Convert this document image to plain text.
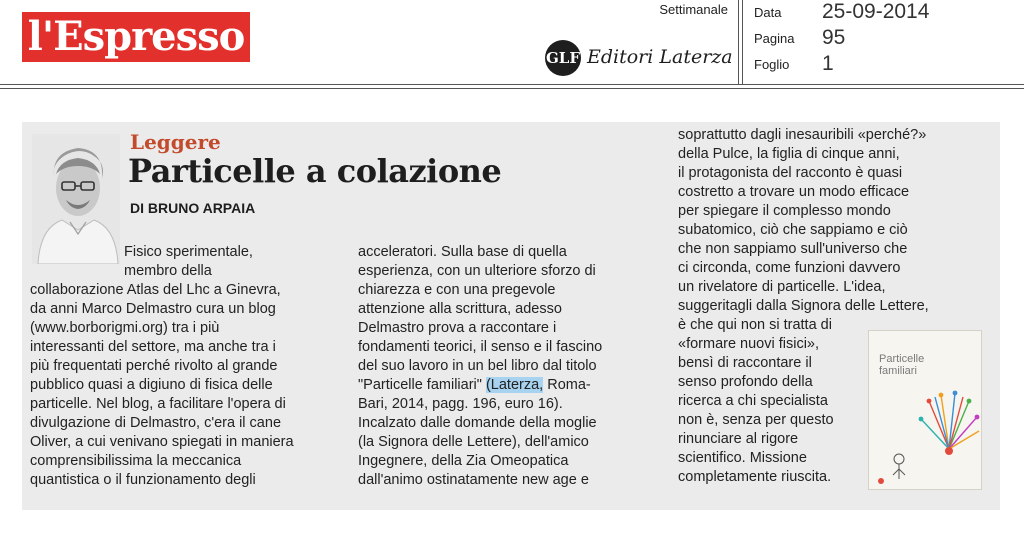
l'Espresso
Settimanale
GLF Editori Laterza
Data 25-09-2014
Pagina 95
Foglio 1
Leggere
Particelle a colazione
DI BRUNO ARPAIA
Fisico sperimentale,
membro della
collaborazione Atlas del Lhc a Ginevra,
da anni Marco Delmastro cura un blog
(www.borborigmi.org) tra i più
interessanti del settore, ma anche tra i
più frequentati perché rivolto al grande
pubblico quasi a digiuno di fisica delle
particelle. Nel blog, a facilitare l'opera di
divulgazione di Delmastro, c'era il cane
Oliver, a cui venivano spiegati in maniera
comprensibilissima la meccanica
quantistica o il funzionamento degli
acceleratori. Sulla base di quella
esperienza, con un ulteriore sforzo di
chiarezza e con una pregevole
attenzione alla scrittura, adesso
Delmastro prova a raccontare i
fondamenti teorici, il senso e il fascino
del suo lavoro in un bel libro dal titolo
"Particelle familiari" (Laterza, Roma-
Bari, 2014, pagg. 196, euro 16).
Incalzato dalle domande della moglie
(la Signora delle Lettere), dell'amico
Ingegnere, della Zia Omeopatica
dall'animo ostinatamente new age e
soprattutto dagli inesauribili «perché?»
della Pulce, la figlia di cinque anni,
il protagonista del racconto è quasi
costretto a trovare un modo efficace
per spiegare il complesso mondo
subatomico, ciò che sappiamo e ciò
che non sappiamo sull'universo che
ci circonda, come funzioni davvero
un rivelatore di particelle. L'idea,
suggeritagli dalla Signora delle Lettere,
è che qui non si tratta di
«formare nuovi fisici»,
bensì di raccontare il
senso profondo della
ricerca a chi specialista
non è, senza per questo
rinunciare al rigore
scientifico. Missione
completamente riuscita.
Particelle familiari
